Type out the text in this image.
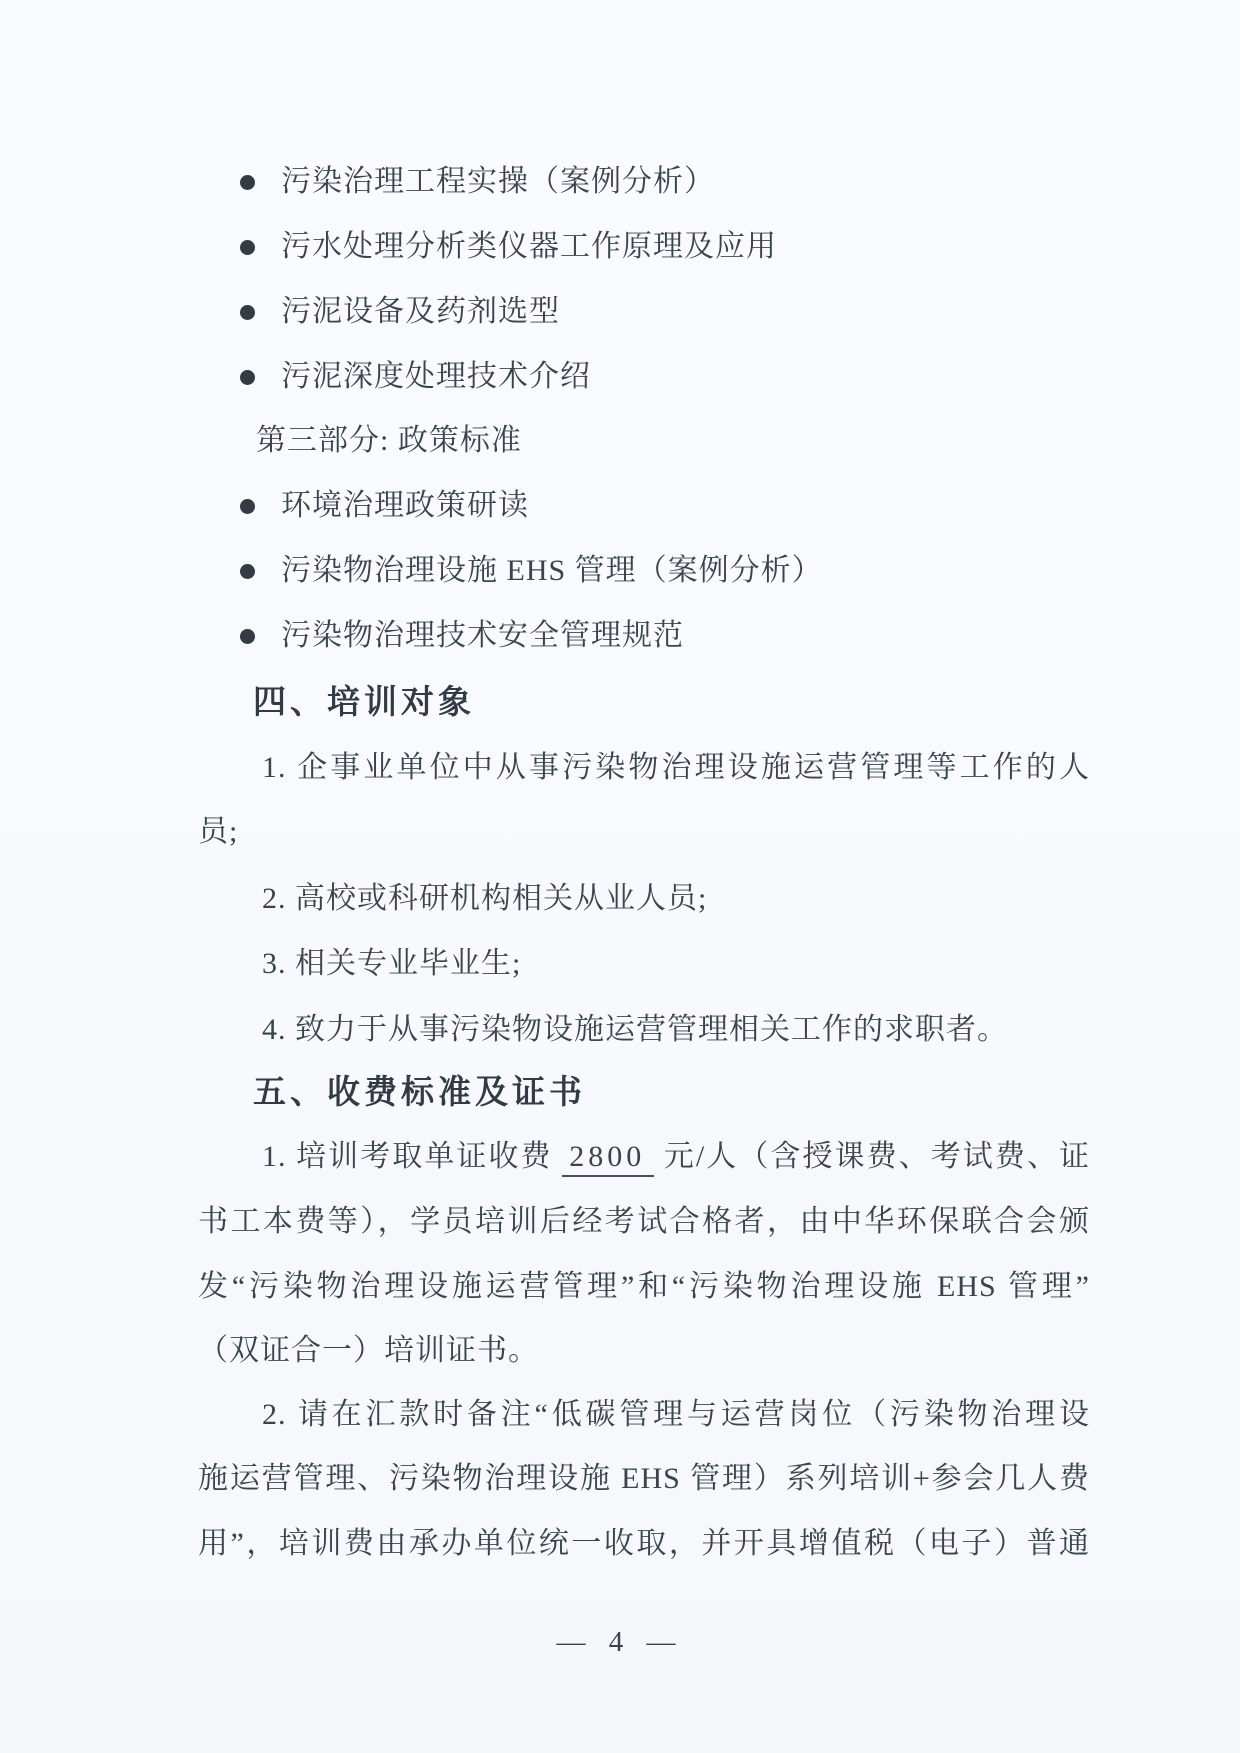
污染治理工程实操（案例分析）
污水处理分析类仪器工作原理及应用
污泥设备及药剂选型
污泥深度处理技术介绍
第三部分: 政策标准
环境治理政策研读
污染物治理设施 EHS 管理（案例分析）
污染物治理技术安全管理规范
四、培训对象
1. 企事业单位中从事污染物治理设施运营管理等工作的人
员;
2. 高校或科研机构相关从业人员;
3. 相关专业毕业生;
4. 致力于从事污染物设施运营管理相关工作的求职者。
五、收费标准及证书
1. 培训考取单证收费 2800 元/人（含授课费、考试费、证
书工本费等），学员培训后经考试合格者，由中华环保联合会颁
发“污染物治理设施运营管理”和“污染物治理设施 EHS 管理”
（双证合一）培训证书。
2. 请在汇款时备注“低碳管理与运营岗位（污染物治理设
施运营管理、污染物治理设施 EHS 管理）系列培训+参会几人费
用”，培训费由承办单位统一收取，并开具增值税（电子）普通
— 4 —
